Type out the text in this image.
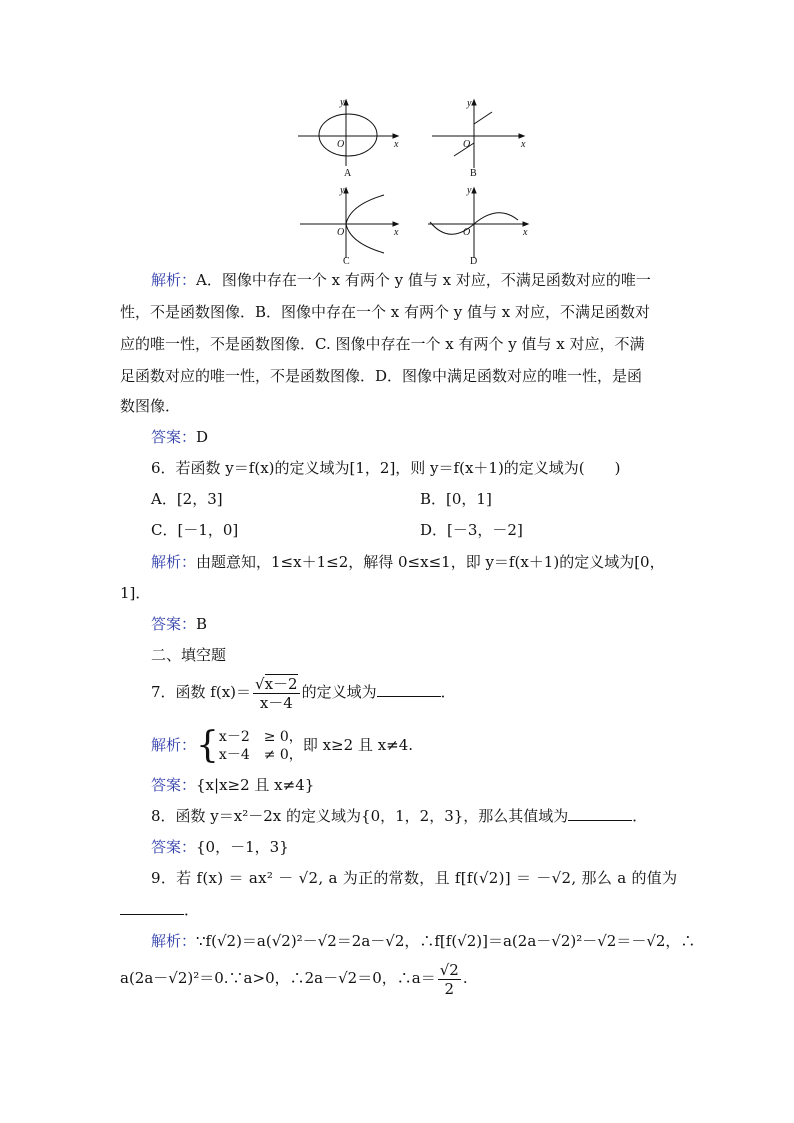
y
x
O
y
x
O
y
x
O
y
x
O
A	B
C	D
解析：A．图像中存在一个 x 有两个 y 值与 x 对应，不满足函数对应的唯一
性，不是函数图像．B．图像中存在一个 x 有两个 y 值与 x 对应，不满足函数对
应的唯一性，不是函数图像．C. 图像中存在一个 x 有两个 y 值与 x 对应，不满
足函数对应的唯一性，不是函数图像．D．图像中满足函数对应的唯一性，是函
数图像．
答案：D
6．若函数 y＝f(x)的定义域为[1，2]，则 y＝f(x＋1)的定义域为(　　)
A．[2，3]	B．[0，1]
C．[－1，0]	D．[－3，－2]
解析：由题意知，1≤x＋1≤2，解得 0≤x≤1，即 y＝f(x＋1)的定义域为[0，
1]．
答案：B
二、填空题
7．函数 $f(x)= \frac{√x-2}{x-4}$ 的定义域为	．
解析：{ x－2　≥ 0，
x－4　≠ 0，
即 x≥2 且 x≠4.
答案：{x|x≥2 且 x≠4}
8．函数 y＝x²－2x 的定义域为{0，1，2，3}，那么其值域为	．
答案：{0，－1，3}
9．若 f(x) ＝ ax² － √2, a 为正的常数，且 f[f(√2)] ＝ －√2, 那么 a 的值为
．
解析：∵f(√2)＝a(√2)²－√2＝2a－√2，∴f[f(√2)]＝a(2a－√2)²－√2＝－√2，∴
a(2a－√2)²＝0.∵a>0，∴2a－√2＝0，∴a＝ $\frac{√2}{2}$ .
